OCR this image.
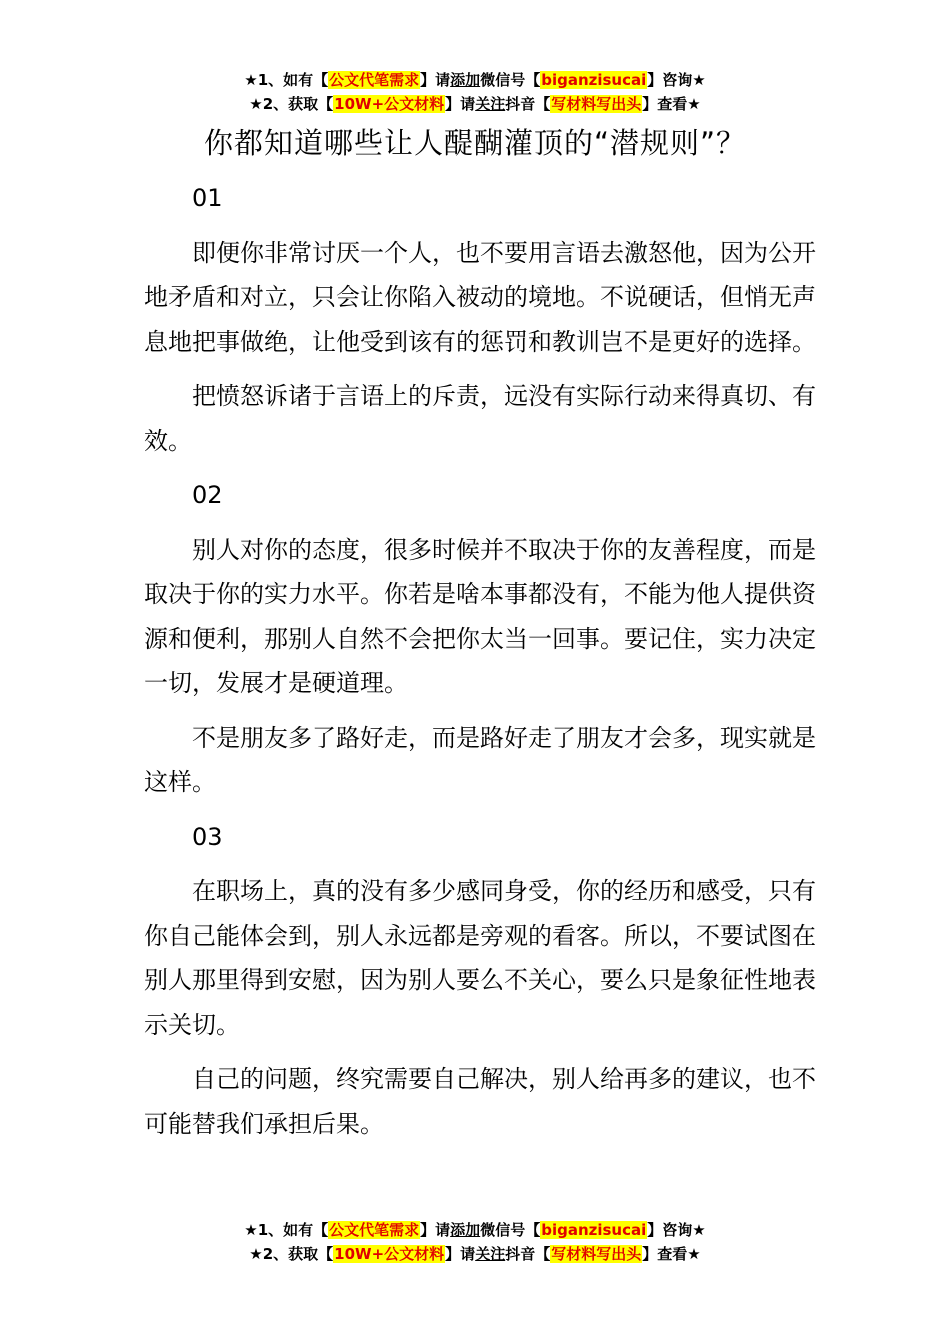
★1、如有【公文代笔需求】请添加微信号【biganzisucai】咨询★
★2、获取【10W+公文材料】请关注抖音【写材料写出头】查看★
你都知道哪些让人醍醐灌顶的“潜规则”？

01

即便你非常讨厌一个人，也不要用言语去激怒他，因为公开地矛盾和对立，只会让你陷入被动的境地。不说硬话，但悄无声息地把事做绝，让他受到该有的惩罚和教训岂不是更好的选择。

把愤怒诉诸于言语上的斥责，远没有实际行动来得真切、有效。

02

别人对你的态度，很多时候并不取决于你的友善程度，而是取决于你的实力水平。你若是啥本事都没有，不能为他人提供资源和便利，那别人自然不会把你太当一回事。要记住，实力决定一切，发展才是硬道理。

不是朋友多了路好走，而是路好走了朋友才会多，现实就是这样。

03

在职场上，真的没有多少感同身受，你的经历和感受，只有你自己能体会到，别人永远都是旁观的看客。所以，不要试图在别人那里得到安慰，因为别人要么不关心，要么只是象征性地表示关切。

自己的问题，终究需要自己解决，别人给再多的建议，也不可能替我们承担后果。

★1、如有【公文代笔需求】请添加微信号【biganzisucai】咨询★
★2、获取【10W+公文材料】请关注抖音【写材料写出头】查看★
